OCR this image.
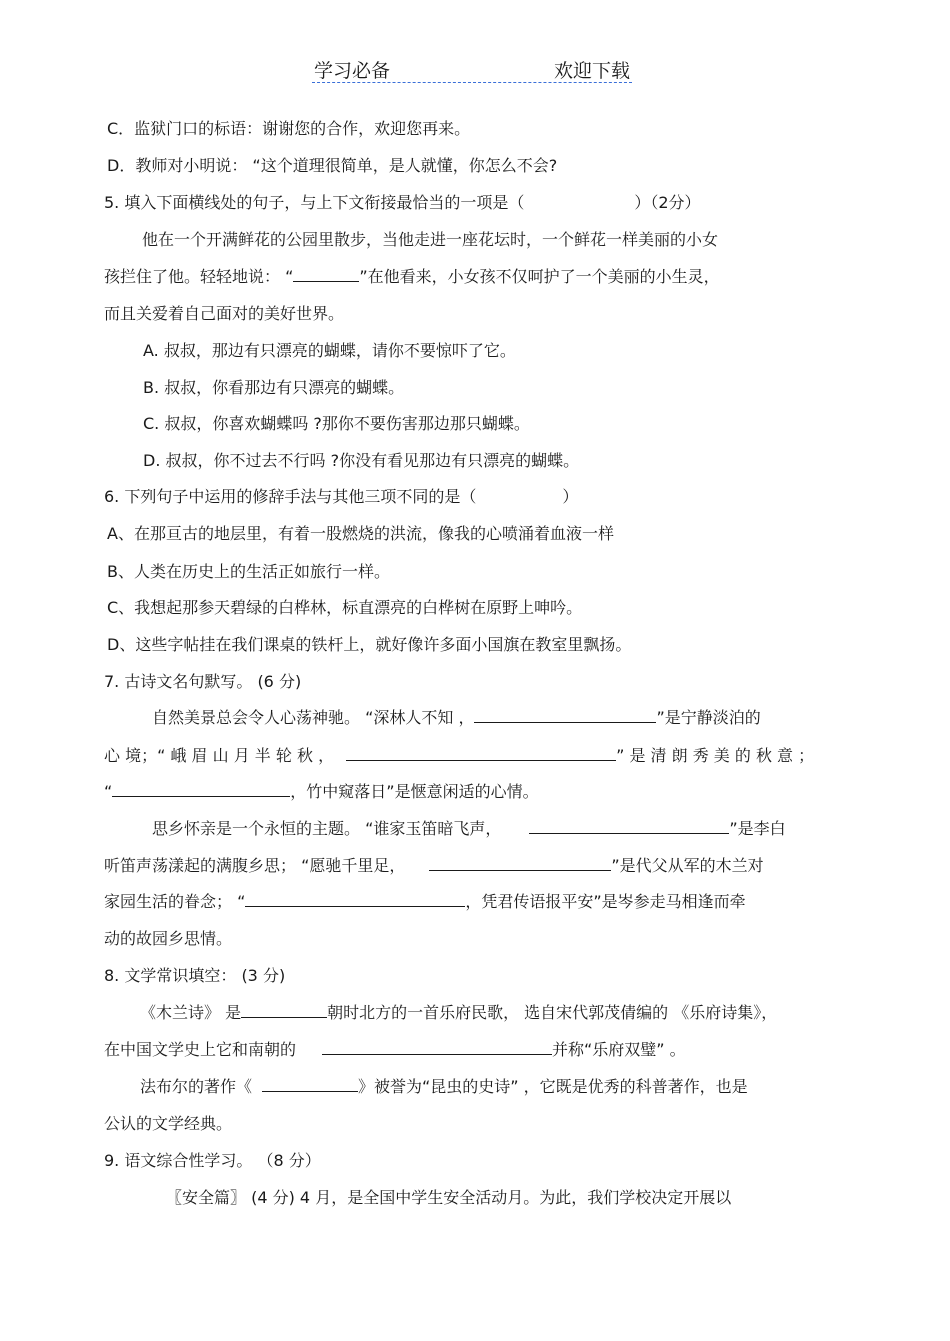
学习必备	欢迎下载
C．监狱门口的标语：谢谢您的合作，欢迎您再来。
D．教师对小明说： “这个道理很简单，是人就懂，你怎么不会?
5. 填入下面横线处的句子，与上下文衔接最恰当的一项是（	）（2分）
他在一个开满鲜花的公园里散步，当他走进一座花坛时，一个鲜花一样美丽的小女
孩拦住了他。轻轻地说： “	”在他看来，小女孩不仅呵护了一个美丽的小生灵，
而且关爱着自己面对的美好世界。
A. 叔叔，那边有只漂亮的蝴蝶，请你不要惊吓了它。
B. 叔叔，你看那边有只漂亮的蝴蝶。
C. 叔叔，你喜欢蝴蝶吗 ?那你不要伤害那边那只蝴蝶。
D. 叔叔，你不过去不行吗 ?你没有看见那边有只漂亮的蝴蝶。
6. 下列句子中运用的修辞手法与其他三项不同的是（	）
A、在那亘古的地层里，有着一股燃烧的洪流，像我的心喷涌着血液一样
B、人类在历史上的生活正如旅行一样。
C、我想起那参天碧绿的白桦林，标直漂亮的白桦树在原野上呻吟。
D、这些字帖挂在我们课桌的铁杆上，就好像许多面小国旗在教室里飘扬。
7. 古诗文名句默写。 (6 分)
自然美景总会令人心荡神驰。 “深林人不知 ，	”是宁静淡泊的
心 境；“ 峨 眉 山 月 半 轮 秋 ，	” 是 清 朗 秀 美 的 秋 意 ；
“	，竹中窥落日”是惬意闲适的心情。
思乡怀亲是一个永恒的主题。 “谁家玉笛暗飞声，	”是李白
听笛声荡漾起的满腹乡思； “愿驰千里足，	”是代父从军的木兰对
家园生活的眷念； “	，凭君传语报平安”是岑参走马相逢而牵
动的故园乡思情。
8. 文学常识填空： (3 分)
《木兰诗》 是	朝时北方的一首乐府民歌， 选自宋代郭茂倩编的 《乐府诗集》，
在中国文学史上它和南朝的	并称“乐府双璧” 。
法布尔的著作《	》被誉为“昆虫的史诗” ，它既是优秀的科普著作，也是
公认的文学经典。
9. 语文综合性学习。 （8 分）
〖安全篇〗 (4 分) 4 月，是全国中学生安全活动月。为此，我们学校决定开展以
